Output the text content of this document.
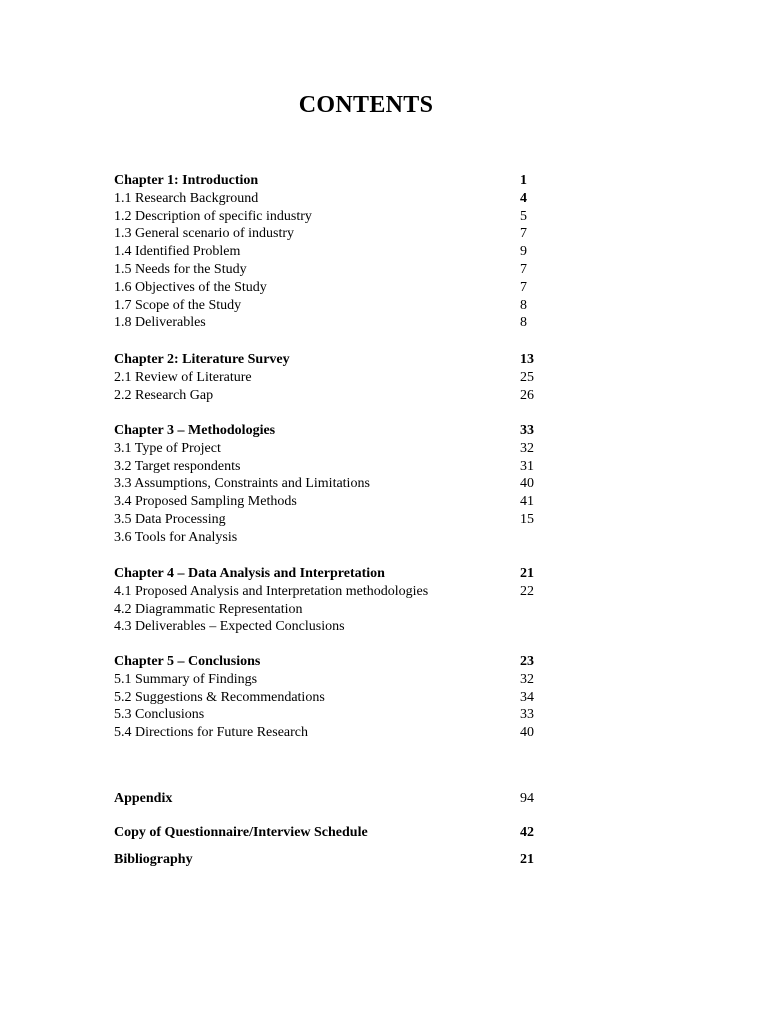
CONTENTS
Chapter 1: Introduction	1
1.1 Research Background	4
1.2 Description of specific industry	5
1.3 General scenario of industry	7
1.4 Identified Problem	9
1.5 Needs for the Study	7
1.6 Objectives of the Study	7
1.7 Scope of the Study	8
1.8 Deliverables	8
Chapter 2: Literature Survey	13
2.1 Review of Literature	25
2.2 Research Gap	26
Chapter 3 – Methodologies	33
3.1 Type of Project	32
3.2 Target respondents	31
3.3 Assumptions, Constraints and Limitations	40
3.4 Proposed Sampling Methods	41
3.5 Data Processing	15
3.6 Tools for Analysis
Chapter 4 – Data Analysis and Interpretation	21
4.1 Proposed Analysis and Interpretation methodologies	22
4.2 Diagrammatic Representation
4.3 Deliverables – Expected Conclusions
Chapter 5 – Conclusions	23
5.1 Summary of Findings	32
5.2 Suggestions & Recommendations	34
5.3 Conclusions	33
5.4 Directions for Future Research	40
Appendix	94
Copy of Questionnaire/Interview Schedule	42
Bibliography	21
